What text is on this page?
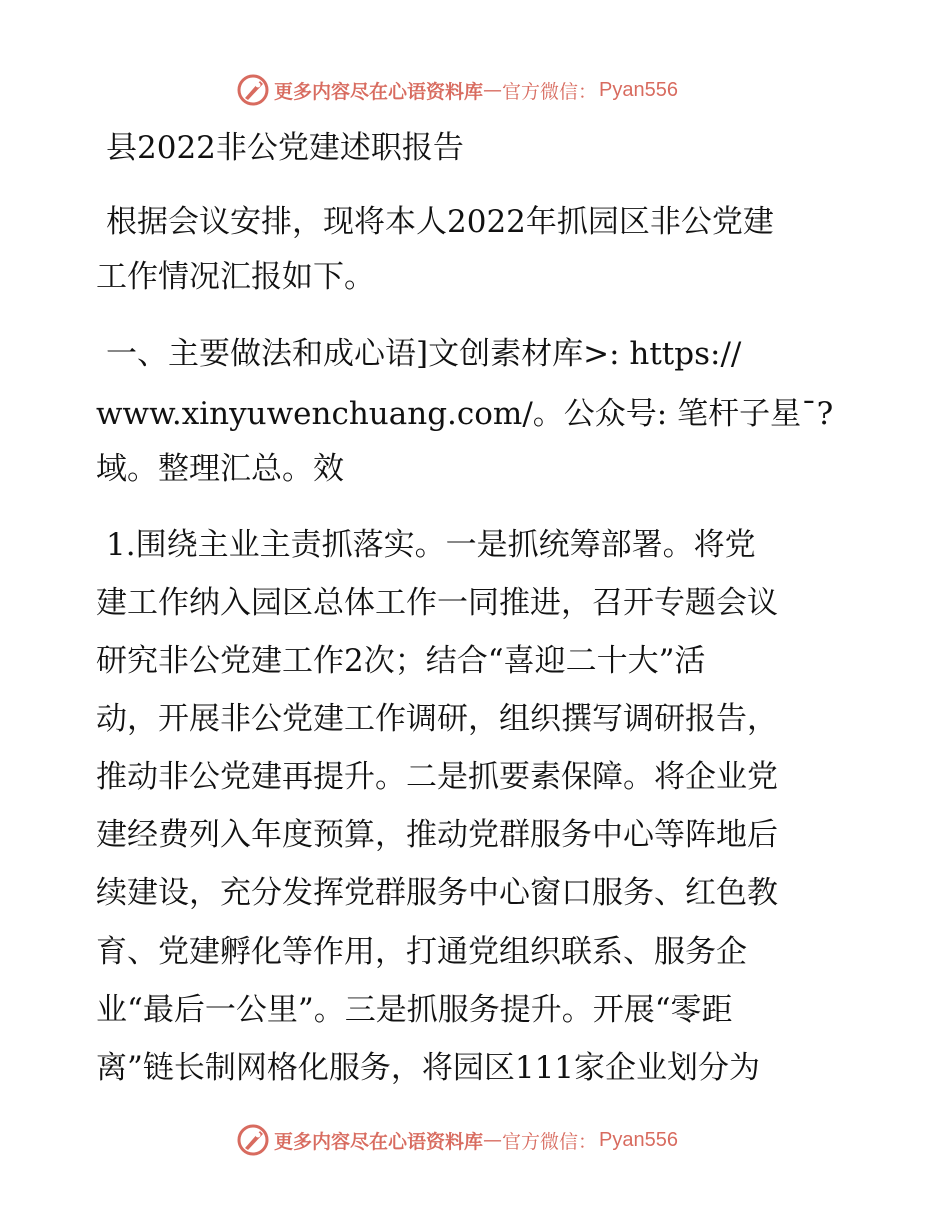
更多内容尽在心语资料库 — 官方微信： Pyan556
县2022非公党建述职报告
根据会议安排，现将本人2022年抓园区非公党建
工作情况汇报如下。
一、主要做法和成心语]文创素材库>: https://
www.xinyuwenchuang.com/。公众号: 笔杆子星¯?
域。整理汇总。效
1.围绕主业主责抓落实。一是抓统筹部署。将党
建工作纳入园区总体工作一同推进，召开专题会议
研究非公党建工作2次；结合“喜迎二十大”活
动，开展非公党建工作调研，组织撰写调研报告，
推动非公党建再提升。二是抓要素保障。将企业党
建经费列入年度预算，推动党群服务中心等阵地后
续建设，充分发挥党群服务中心窗口服务、红色教
育、党建孵化等作用，打通党组织联系、服务企
业“最后一公里”。三是抓服务提升。开展“零距
离”链长制网格化服务，将园区111家企业划分为
更多内容尽在心语资料库 — 官方微信： Pyan556
